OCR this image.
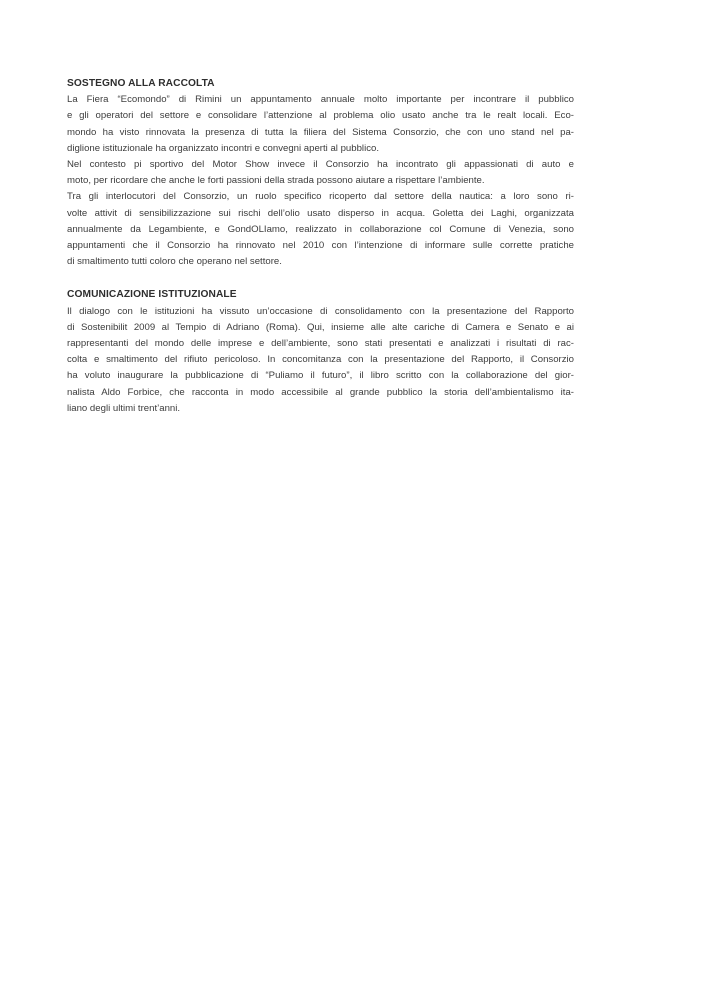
SOSTEGNO ALLA RACCOLTA
La Fiera “Ecomondo” di Rimini un appuntamento annuale molto importante per incontrare il pubblico
e gli operatori del settore e consolidare l’attenzione al problema olio usato anche tra le realt locali. Eco-
mondo ha visto rinnovata la presenza di tutta la filiera del Sistema Consorzio, che con uno stand nel pa-
diglione istituzionale ha organizzato incontri e convegni aperti al pubblico.
Nel contesto pi sportivo del Motor Show invece il Consorzio ha incontrato gli appassionati di auto e
moto, per ricordare che anche le forti passioni della strada possono aiutare a rispettare l’ambiente.
Tra gli interlocutori del Consorzio, un ruolo specifico ricoperto dal settore della nautica: a loro sono ri-
volte attivit di sensibilizzazione sui rischi dell’olio usato disperso in acqua. Goletta dei Laghi, organizzata
annualmente da Legambiente, e GondOLIamo, realizzato in collaborazione col Comune di Venezia, sono
appuntamenti che il Consorzio ha rinnovato nel 2010 con l’intenzione di informare sulle corrette pratiche
di smaltimento tutti coloro che operano nel settore.
COMUNICAZIONE ISTITUZIONALE
Il dialogo con le istituzioni ha vissuto un’occasione di consolidamento con la presentazione del Rapporto
di Sostenibilit 2009 al Tempio di Adriano (Roma). Qui, insieme alle alte cariche di Camera e Senato e ai
rappresentanti del mondo delle imprese e dell’ambiente, sono stati presentati e analizzati i risultati di rac-
colta e smaltimento del rifiuto pericoloso. In concomitanza con la presentazione del Rapporto, il Consorzio
ha voluto inaugurare la pubblicazione di “Puliamo il futuro”, il libro scritto con la collaborazione del gior-
nalista Aldo Forbice, che racconta in modo accessibile al grande pubblico la storia dell’ambientalismo ita-
liano degli ultimi trent’anni.
